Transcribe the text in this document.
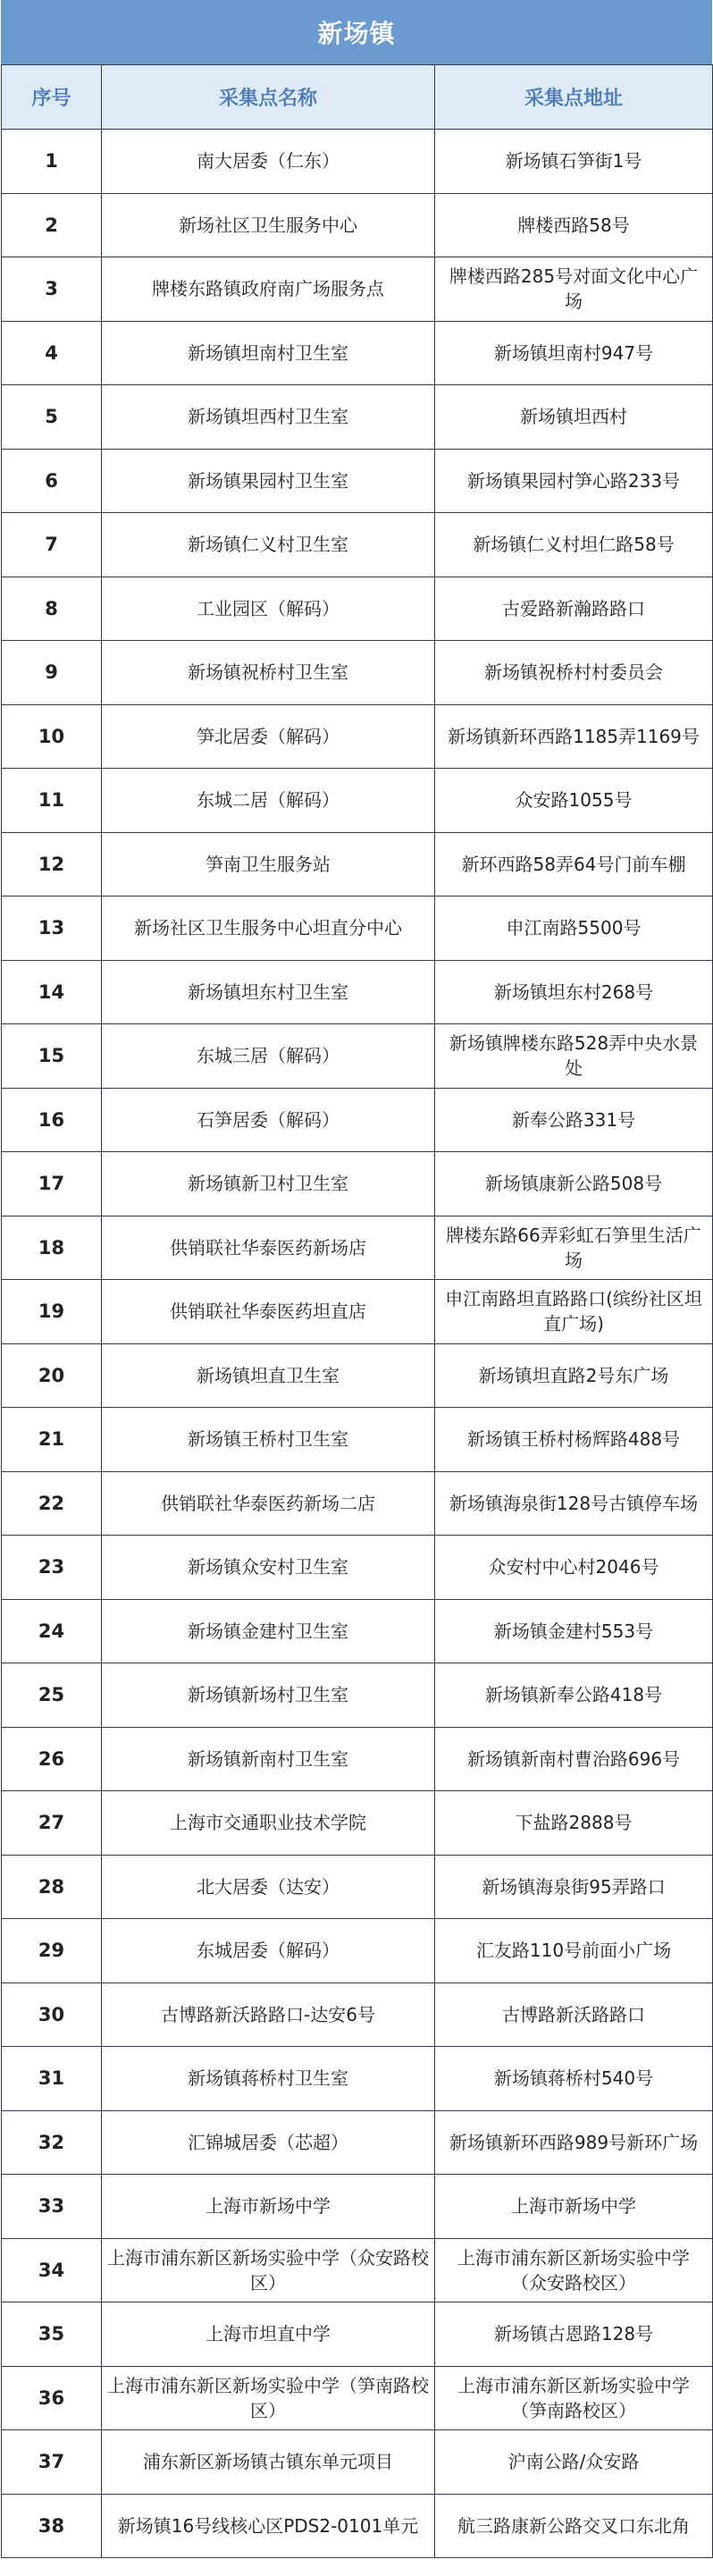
新场镇
序号	采集点名称	采集点地址
1	南大居委（仁东）	新场镇石笋街1号
2	新场社区卫生服务中心	牌楼西路58号
3	牌楼东路镇政府南广场服务点	牌楼西路285号对面文化中心广场
4	新场镇坦南村卫生室	新场镇坦南村947号
5	新场镇坦西村卫生室	新场镇坦西村
6	新场镇果园村卫生室	新场镇果园村笋心路233号
7	新场镇仁义村卫生室	新场镇仁义村坦仁路58号
8	工业园区（解码）	古爱路新瀚路路口
9	新场镇祝桥村卫生室	新场镇祝桥村村委员会
10	笋北居委（解码）	新场镇新环西路1185弄1169号
11	东城二居（解码）	众安路1055号
12	笋南卫生服务站	新环西路58弄64号门前车棚
13	新场社区卫生服务中心坦直分中心	申江南路5500号
14	新场镇坦东村卫生室	新场镇坦东村268号
15	东城三居（解码）	新场镇牌楼东路528弄中央水景处
16	石笋居委（解码）	新奉公路331号
17	新场镇新卫村卫生室	新场镇康新公路508号
18	供销联社华泰医药新场店	牌楼东路66弄彩虹石笋里生活广场
19	供销联社华泰医药坦直店	申江南路坦直路路口(缤纷社区坦直广场)
20	新场镇坦直卫生室	新场镇坦直路2号东广场
21	新场镇王桥村卫生室	新场镇王桥村杨辉路488号
22	供销联社华泰医药新场二店	新场镇海泉街128号古镇停车场
23	新场镇众安村卫生室	众安村中心村2046号
24	新场镇金建村卫生室	新场镇金建村553号
25	新场镇新场村卫生室	新场镇新奉公路418号
26	新场镇新南村卫生室	新场镇新南村曹治路696号
27	上海市交通职业技术学院	下盐路2888号
28	北大居委（达安）	新场镇海泉街95弄路口
29	东城居委（解码）	汇友路110号前面小广场
30	古博路新沃路路口-达安6号	古博路新沃路路口
31	新场镇蒋桥村卫生室	新场镇蒋桥村540号
32	汇锦城居委（芯超）	新场镇新环西路989号新环广场
33	上海市新场中学	上海市新场中学
34	上海市浦东新区新场实验中学（众安路校区）	上海市浦东新区新场实验中学（众安路校区）
35	上海市坦直中学	新场镇古恩路128号
36	上海市浦东新区新场实验中学（笋南路校区）	上海市浦东新区新场实验中学（笋南路校区）
37	浦东新区新场镇古镇东单元项目	沪南公路/众安路
38	新场镇16号线核心区PDS2-0101单元	航三路康新公路交叉口东北角
